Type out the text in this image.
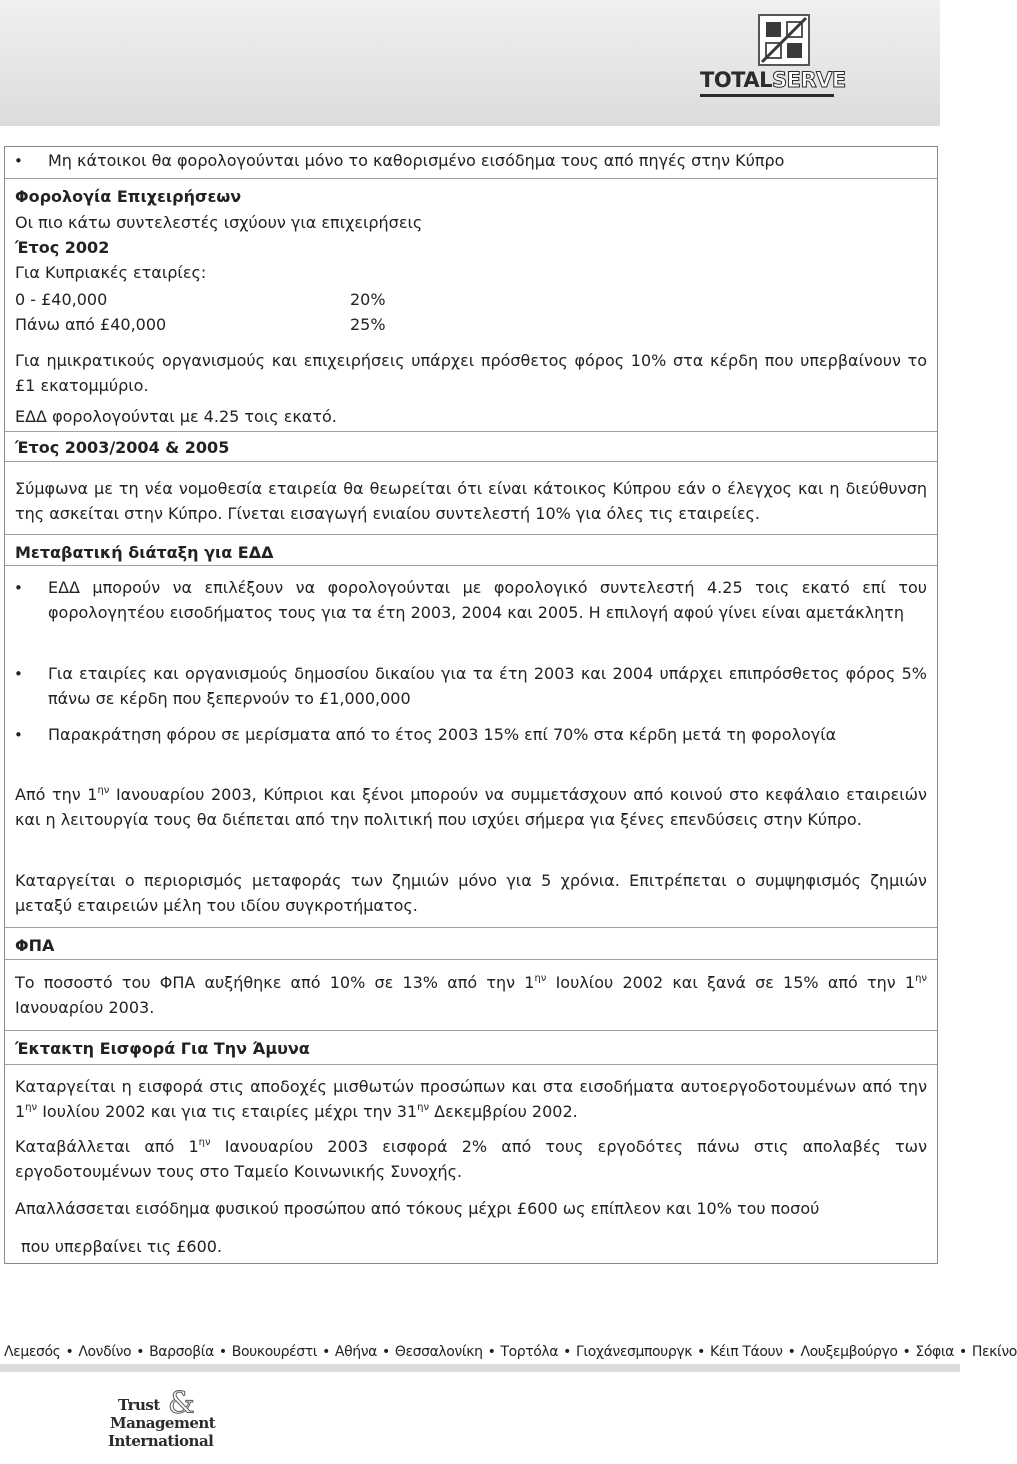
TOTALSERVE
• Μη κάτοικοι θα φορολογούνται μόνο το καθορισμένο εισόδημα τους από πηγές στην Κύπρο
Φορολογία Επιχειρήσεων
Οι πιο κάτω συντελεστές ισχύουν για επιχειρήσεις
Έτος 2002
Για Κυπριακές εταιρίες:
0 - £40,000	20%
Πάνω από £40,000	25%
Για ημικρατικούς οργανισμούς και επιχειρήσεις υπάρχει πρόσθετος φόρος 10% στα κέρδη που υπερβαίνουν το £1 εκατομμύριο.
ΕΔΔ φορολογούνται με 4.25 τοις εκατό.
Έτος 2003/2004 & 2005
Σύμφωνα με τη νέα νομοθεσία εταιρεία θα θεωρείται ότι είναι κάτοικος Κύπρου εάν ο έλεγχος και η διεύθυνση της ασκείται στην Κύπρο. Γίνεται εισαγωγή ενιαίου συντελεστή 10% για όλες τις εταιρείες.
Μεταβατική διάταξη για ΕΔΔ
• ΕΔΔ μπορούν να επιλέξουν να φορολογούνται με φορολογικό συντελεστή 4.25 τοις εκατό επί του φορολογητέου εισοδήματος τους για τα έτη 2003, 2004 και 2005. Η επιλογή αφού γίνει είναι αμετάκλητη
• Για εταιρίες και οργανισμούς δημοσίου δικαίου για τα έτη 2003 και 2004 υπάρχει επιπρόσθετος φόρος 5% πάνω σε κέρδη που ξεπερνούν το £1,000,000
• Παρακράτηση φόρου σε μερίσματα από το έτος 2003 15% επί 70% στα κέρδη μετά τη φορολογία
Από την $1^{\eta\nu}$ Ιανουαρίου 2003, Κύπριοι και ξένοι μπορούν να συμμετάσχουν από κοινού στο κεφάλαιο εταιρειών και η λειτουργία τους θα διέπεται από την πολιτική που ισχύει σήμερα για ξένες επενδύσεις στην Κύπρο.
Καταργείται ο περιορισμός μεταφοράς των ζημιών μόνο για 5 χρόνια. Επιτρέπεται ο συμψηφισμός ζημιών μεταξύ εταιρειών μέλη του ιδίου συγκροτήματος.
ΦΠΑ
Το ποσοστό του ΦΠΑ αυξήθηκε από 10% σε 13% από την $1^{\eta\nu}$ Ιουλίου 2002 και ξανά σε 15% από την $1^{\eta\nu}$ Ιανουαρίου 2003.
Έκτακτη Εισφορά Για Την Άμυνα
Καταργείται η εισφορά στις αποδοχές μισθωτών προσώπων και στα εισοδήματα αυτοεργοδοτουμένων από την $1^{\eta\nu}$ Ιουλίου 2002 και για τις εταιρίες μέχρι την $31^{\eta\nu}$ Δεκεμβρίου 2002.
Καταβάλλεται από $1^{\eta\nu}$ Ιανουαρίου 2003 εισφορά 2% από τους εργοδότες πάνω στις απολαβές των εργοδοτουμένων τους στο Ταμείο Κοινωνικής Συνοχής.
Απαλλάσσεται εισόδημα φυσικού προσώπου από τόκους μέχρι £600 ως επίπλεον και 10% του ποσού
που υπερβαίνει τις £600.
Λεμεσός • Λονδίνο • Βαρσοβία • Βουκουρέστι • Αθήνα • Θεσσαλονίκη • Τορτόλα • Γιοχάνεσμπουργκ • Κέιπ Τάουν • Λουξεμβούργο • Σόφια • Πεκίνο
Trust &
Management
International
